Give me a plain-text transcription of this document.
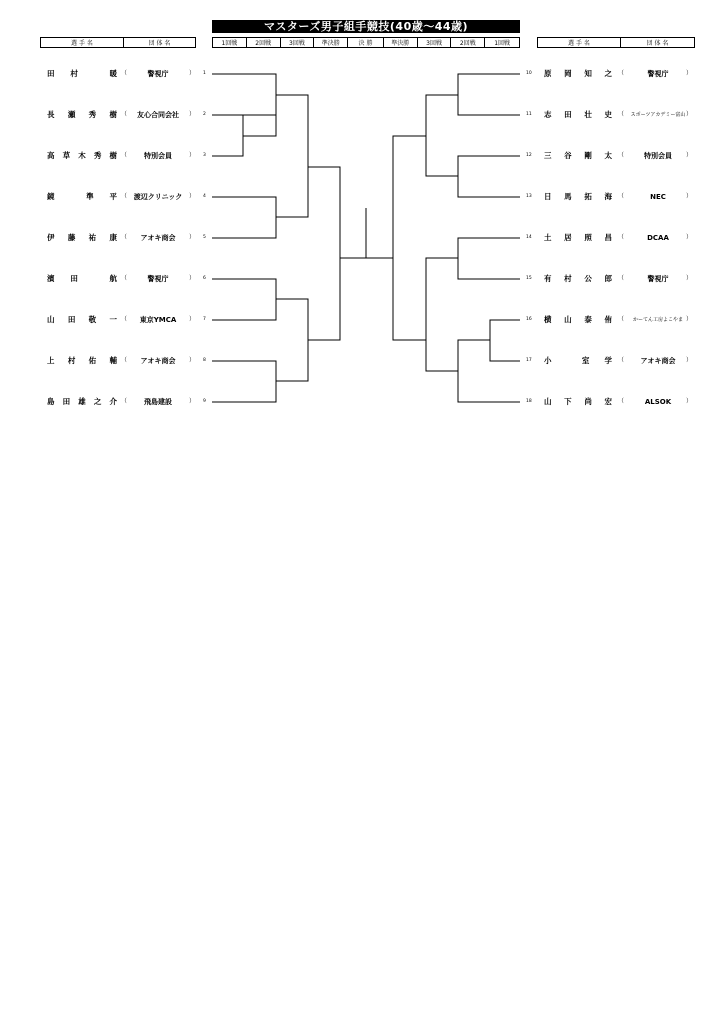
マスターズ男子組手競技(40歳～44歳)
選 手 名	団 体 名	1回戦	2回戦	3回戦	準決勝	決 勝	準決勝	3回戦	2回戦	1回戦	選 手 名	団 体 名
田 村	暖 （	警視庁	） 1
長 瀬 秀 樹 （	友心合同会社	） 2
高 草 木 秀 樹 （	特別会員	） 3
鏡	準 平 （ 渡辺クリニック	） 4
伊 藤 祐 康 （	アオキ商会	） 5
濱 田	航 （	警視庁	） 6
山 田 敬 一 （	東京YMCA	） 7
上 村 佑 輔 （	アオキ商会	） 8
島 田 雄 之 介 （	飛島建設	） 9
10 原 岡 知 之 （	警視庁	）
11 志 田 壮 史 （	スポーツアカデミー富山 ）
12 三 谷 剛 太 （	特別会員	）
13 日 馬 拓 海 （	NEC	）
14 土 居 照 昌 （	DCAA	）
15 有 村 公 郎 （	警視庁	）
16 横 山 泰 侑 （	かーてん工房よこやま ）
17 小	室 学 （	アオキ商会	）
18 山 下 尚 宏 （	ALSOK	）
